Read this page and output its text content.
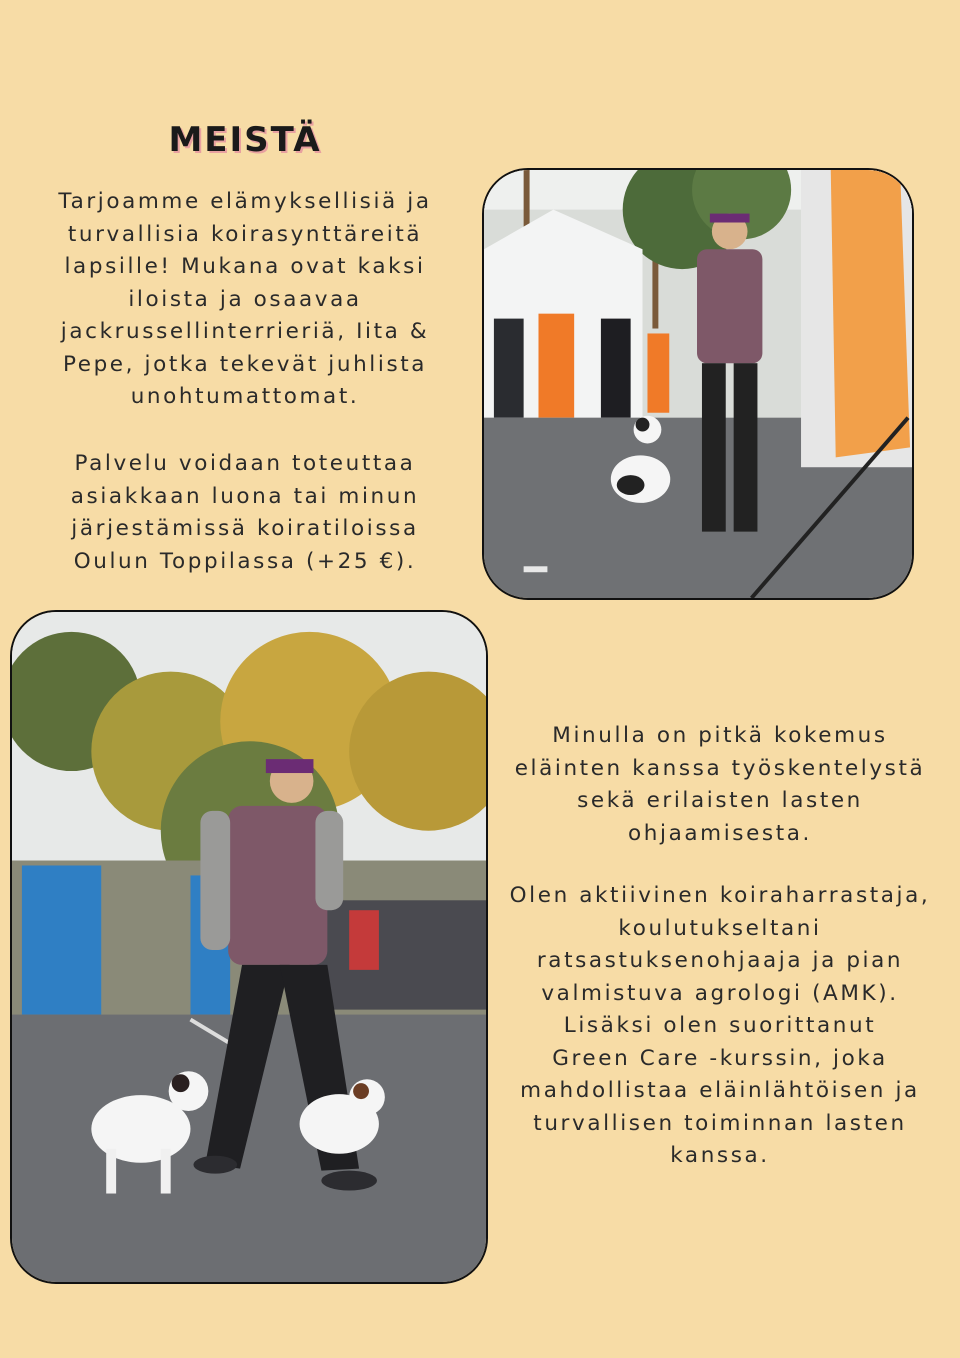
MEISTÄ
Tarjoamme elämyksellisiä ja
turvallisia koirasynttäreitä
lapsille! Mukana ovat kaksi
iloista ja osaavaa
jackrussellinterrieriä, Iita &
Pepe, jotka tekevät juhlista
unohtumattomat.
Palvelu voidaan toteuttaa
asiakkaan luona tai minun
järjestämissä koiratiloissa
Oulun Toppilassa (+25 €).
Minulla on pitkä kokemus
eläinten kanssa työskentelystä
sekä erilaisten lasten
ohjaamisesta.
Olen aktiivinen koiraharrastaja,
koulutukseltani
ratsastuksenohjaaja ja pian
valmistuva agrologi (AMK).
Lisäksi olen suorittanut
Green Care -kurssin, joka
mahdollistaa eläinlähtöisen ja
turvallisen toiminnan lasten
kanssa.
